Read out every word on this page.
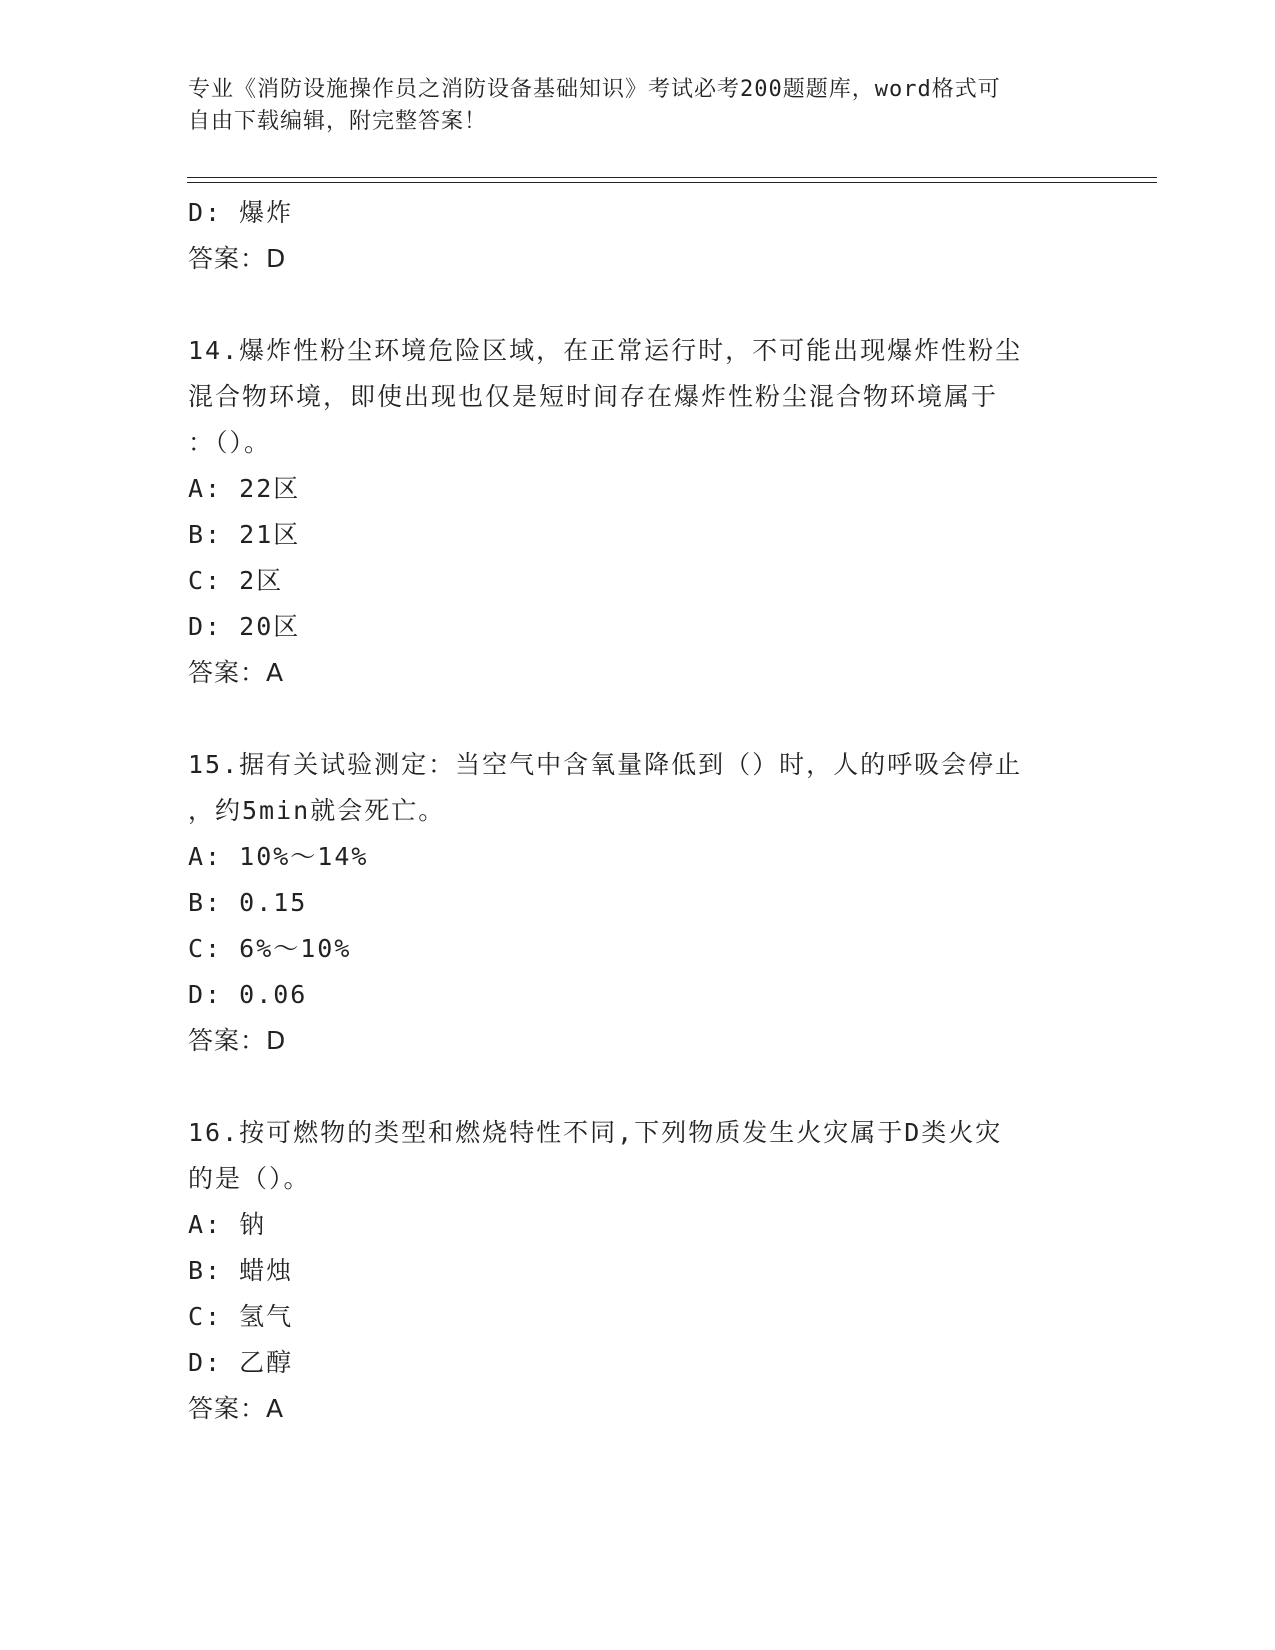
专业《消防设施操作员之消防设备基础知识》考试必考200题题库，word格式可
自由下载编辑，附完整答案！
D: 爆炸
答案：D
14.爆炸性粉尘环境危险区域，在正常运行时，不可能出现爆炸性粉尘
混合物环境，即使出现也仅是短时间存在爆炸性粉尘混合物环境属于
：（）。
A: 22区
B: 21区
C: 2区
D: 20区
答案：A
15.据有关试验测定：当空气中含氧量降低到（）时，人的呼吸会停止
，约5min就会死亡。
A: 10%～14%
B: 0.15
C: 6%～10%
D: 0.06
答案：D
16.按可燃物的类型和燃烧特性不同,下列物质发生火灾属于D类火灾
的是（）。
A: 钠
B: 蜡烛
C: 氢气
D: 乙醇
答案：A
